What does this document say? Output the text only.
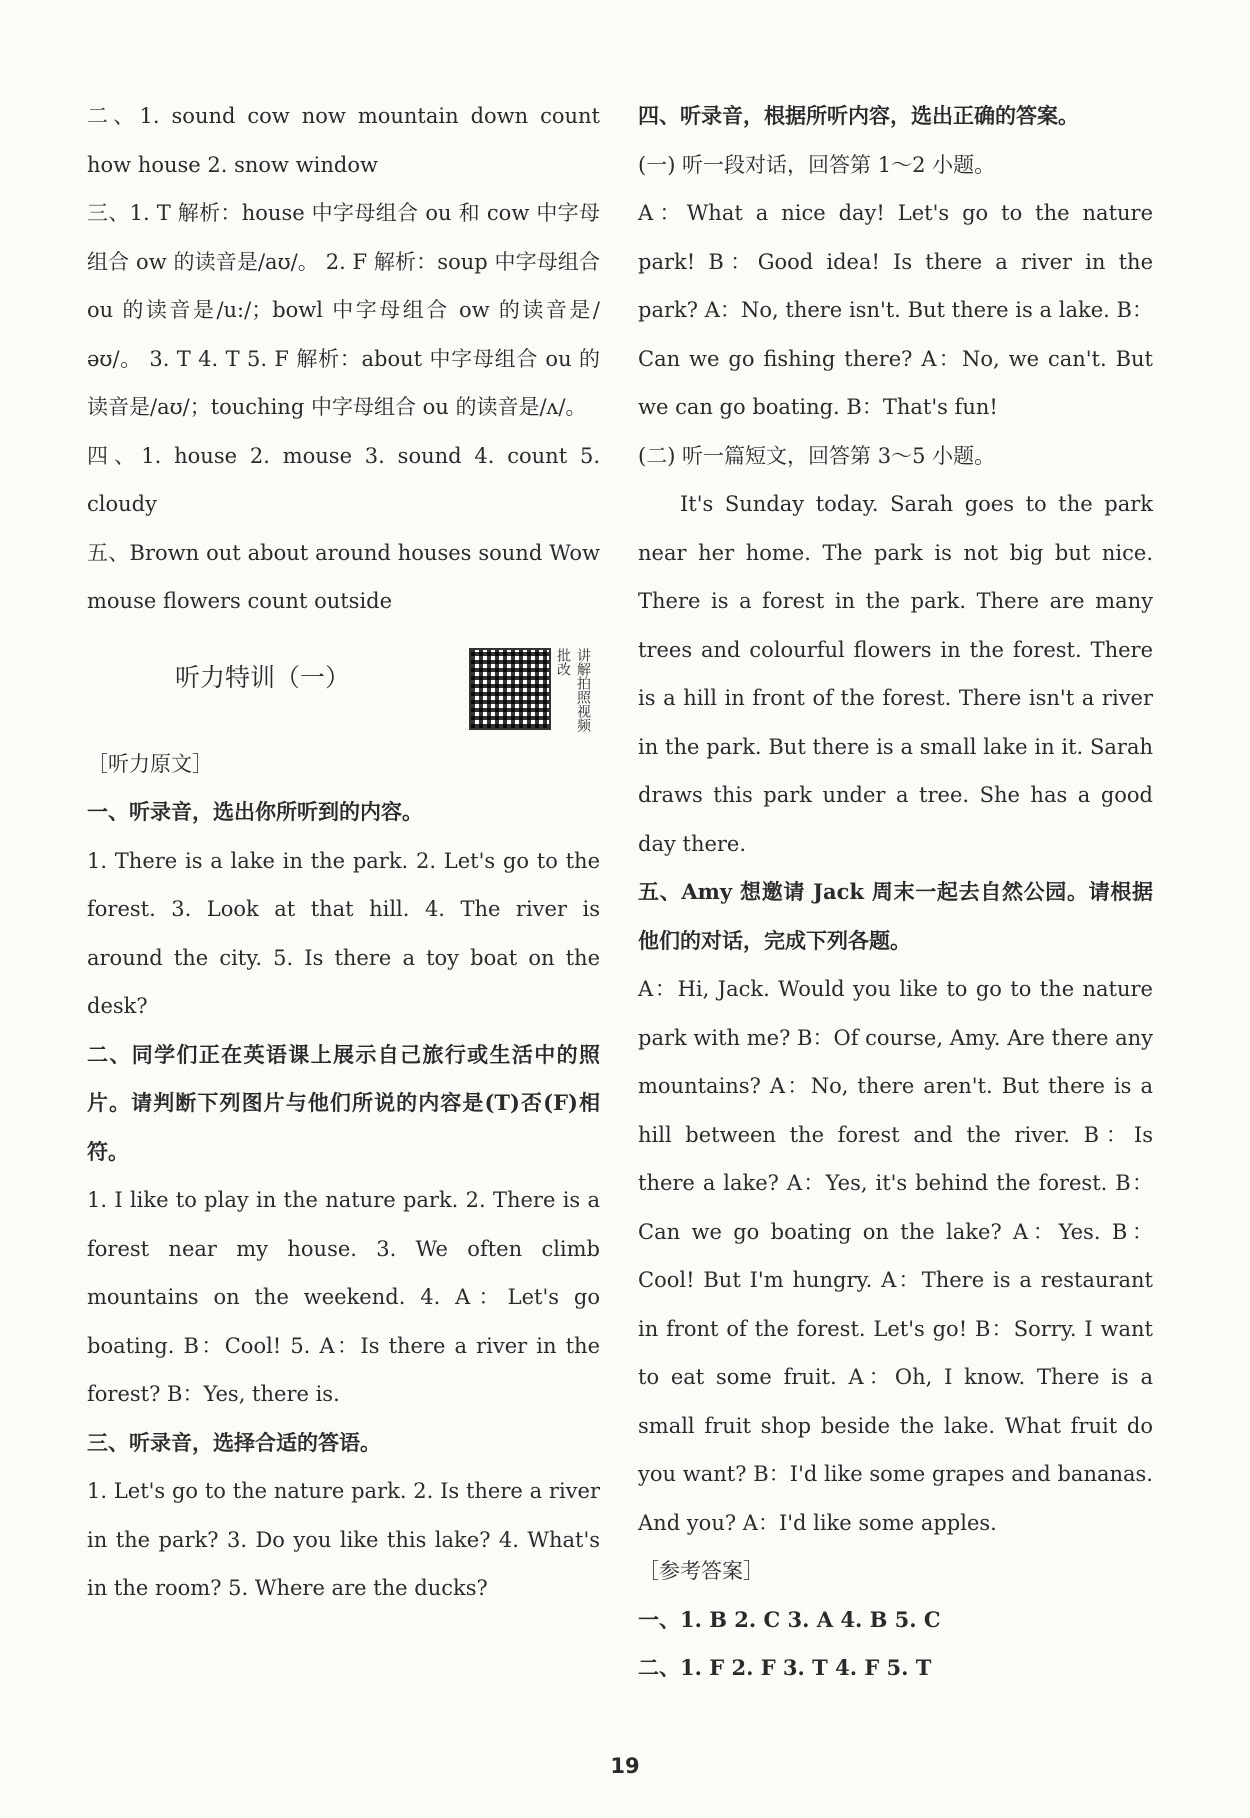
二、1. sound cow now mountain down count how house 2. snow window

三、1. T 解析：house 中字母组合 ou 和 cow 中字母组合 ow 的读音是/aʊ/。 2. F 解析：soup 中字母组合 ou 的读音是/u:/；bowl 中字母组合 ow 的读音是/əʊ/。 3. T 4. T 5. F 解析：about 中字母组合 ou 的读音是/aʊ/；touching 中字母组合 ou 的读音是/ʌ/。

四、1. house 2. mouse 3. sound 4. count 5. cloudy

五、Brown out about around houses sound Wow mouse flowers count outside

听力特训（一）	讲解拍照视频批改

［听力原文］

一、听录音，选出你所听到的内容。

1. There is a lake in the park. 2. Let's go to the forest. 3. Look at that hill. 4. The river is around the city. 5. Is there a toy boat on the desk?

二、同学们正在英语课上展示自己旅行或生活中的照片。请判断下列图片与他们所说的内容是(T)否(F)相符。

1. I like to play in the nature park. 2. There is a forest near my house. 3. We often climb mountains on the weekend. 4. A：Let's go boating. B：Cool! 5. A：Is there a river in the forest? B：Yes, there is.

三、听录音，选择合适的答语。

1. Let's go to the nature park. 2. Is there a river in the park? 3. Do you like this lake? 4. What's in the room? 5. Where are the ducks?

四、听录音，根据所听内容，选出正确的答案。

(一) 听一段对话，回答第 1～2 小题。

A：What a nice day! Let's go to the nature park! B：Good idea! Is there a river in the park? A：No, there isn't. But there is a lake. B：Can we go fishing there? A：No, we can't. But we can go boating. B：That's fun!

(二) 听一篇短文，回答第 3～5 小题。

It's Sunday today. Sarah goes to the park near her home. The park is not big but nice. There is a forest in the park. There are many trees and colourful flowers in the forest. There is a hill in front of the forest. There isn't a river in the park. But there is a small lake in it. Sarah draws this park under a tree. She has a good day there.

五、Amy 想邀请 Jack 周末一起去自然公园。请根据他们的对话，完成下列各题。

A：Hi, Jack. Would you like to go to the nature park with me? B：Of course, Amy. Are there any mountains? A：No, there aren't. But there is a hill between the forest and the river. B：Is there a lake? A：Yes, it's behind the forest. B：Can we go boating on the lake? A：Yes. B：Cool! But I'm hungry. A：There is a restaurant in front of the forest. Let's go! B：Sorry. I want to eat some fruit. A：Oh, I know. There is a small fruit shop beside the lake. What fruit do you want? B：I'd like some grapes and bananas. And you? A：I'd like some apples.

［参考答案］

一、1. B 2. C 3. A 4. B 5. C

二、1. F 2. F 3. T 4. F 5. T

19
